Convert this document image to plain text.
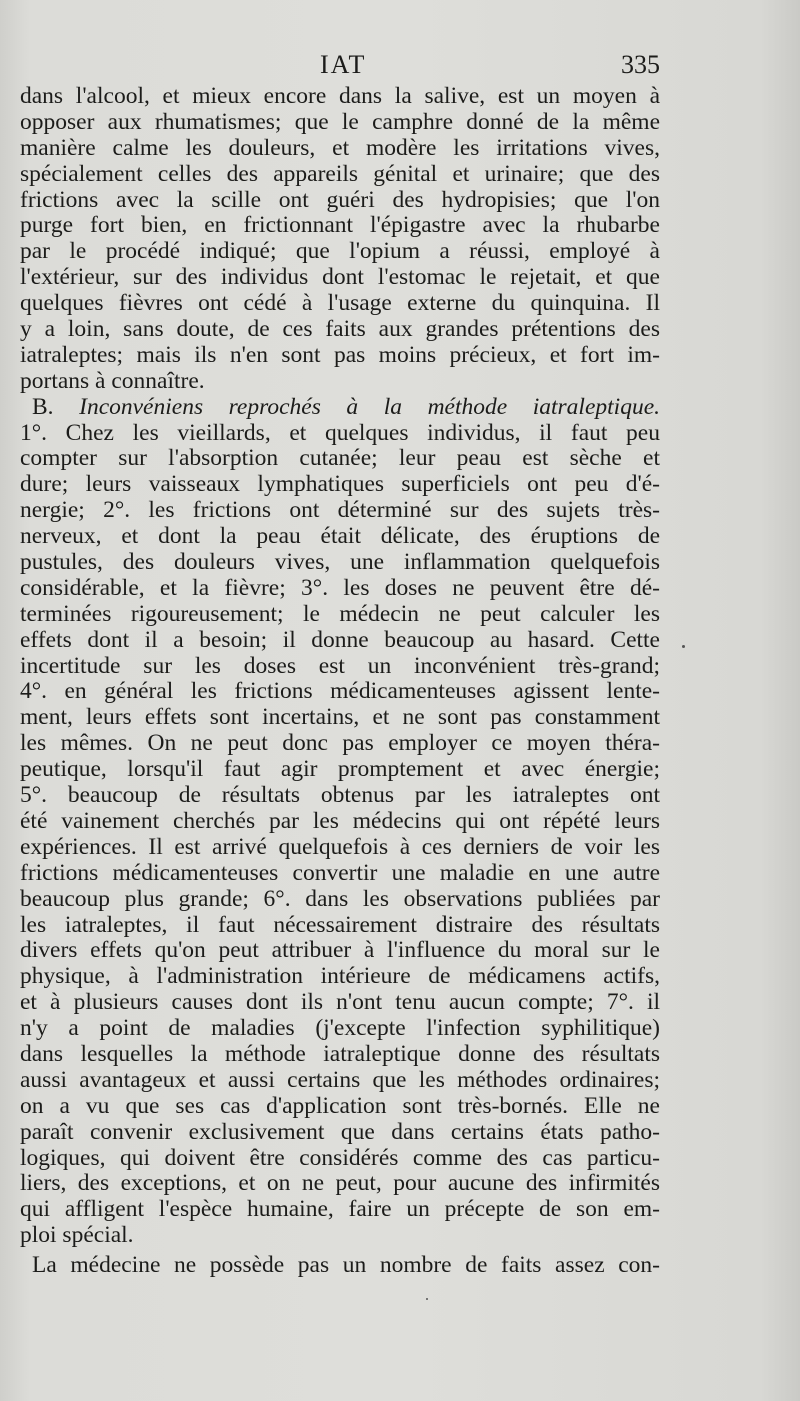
IAT	335
dans l'alcool, et mieux encore dans la salive, est un moyen à
opposer aux rhumatismes; que le camphre donné de la même
manière calme les douleurs, et modère les irritations vives,
spécialement celles des appareils génital et urinaire; que des
frictions avec la scille ont guéri des hydropisies; que l'on
purge fort bien, en frictionnant l'épigastre avec la rhubarbe
par le procédé indiqué; que l'opium a réussi, employé à
l'extérieur, sur des individus dont l'estomac le rejetait, et que
quelques fièvres ont cédé à l'usage externe du quinquina. Il
y a loin, sans doute, de ces faits aux grandes prétentions des
iatraleptes; mais ils n'en sont pas moins précieux, et fort im-
portans à connaître.
B. Inconvéniens reprochés à la méthode iatraleptique.
1°. Chez les vieillards, et quelques individus, il faut peu
compter sur l'absorption cutanée; leur peau est sèche et
dure; leurs vaisseaux lymphatiques superficiels ont peu d'é-
nergie; 2°. les frictions ont déterminé sur des sujets très-
nerveux, et dont la peau était délicate, des éruptions de
pustules, des douleurs vives, une inflammation quelquefois
considérable, et la fièvre; 3°. les doses ne peuvent être dé-
terminées rigoureusement; le médecin ne peut calculer les
effets dont il a besoin; il donne beaucoup au hasard. Cette
incertitude sur les doses est un inconvénient très-grand;
4°. en général les frictions médicamenteuses agissent lente-
ment, leurs effets sont incertains, et ne sont pas constamment
les mêmes. On ne peut donc pas employer ce moyen théra-
peutique, lorsqu'il faut agir promptement et avec énergie;
5°. beaucoup de résultats obtenus par les iatraleptes ont
été vainement cherchés par les médecins qui ont répété leurs
expériences. Il est arrivé quelquefois à ces derniers de voir les
frictions médicamenteuses convertir une maladie en une autre
beaucoup plus grande; 6°. dans les observations publiées par
les iatraleptes, il faut nécessairement distraire des résultats
divers effets qu'on peut attribuer à l'influence du moral sur le
physique, à l'administration intérieure de médicamens actifs,
et à plusieurs causes dont ils n'ont tenu aucun compte; 7°. il
n'y a point de maladies (j'excepte l'infection syphilitique)
dans lesquelles la méthode iatraleptique donne des résultats
aussi avantageux et aussi certains que les méthodes ordinaires;
on a vu que ses cas d'application sont très-bornés. Elle ne
paraît convenir exclusivement que dans certains états patho-
logiques, qui doivent être considérés comme des cas particu-
liers, des exceptions, et on ne peut, pour aucune des infirmités
qui affligent l'espèce humaine, faire un précepte de son em-
ploi spécial.
La médecine ne possède pas un nombre de faits assez con-
